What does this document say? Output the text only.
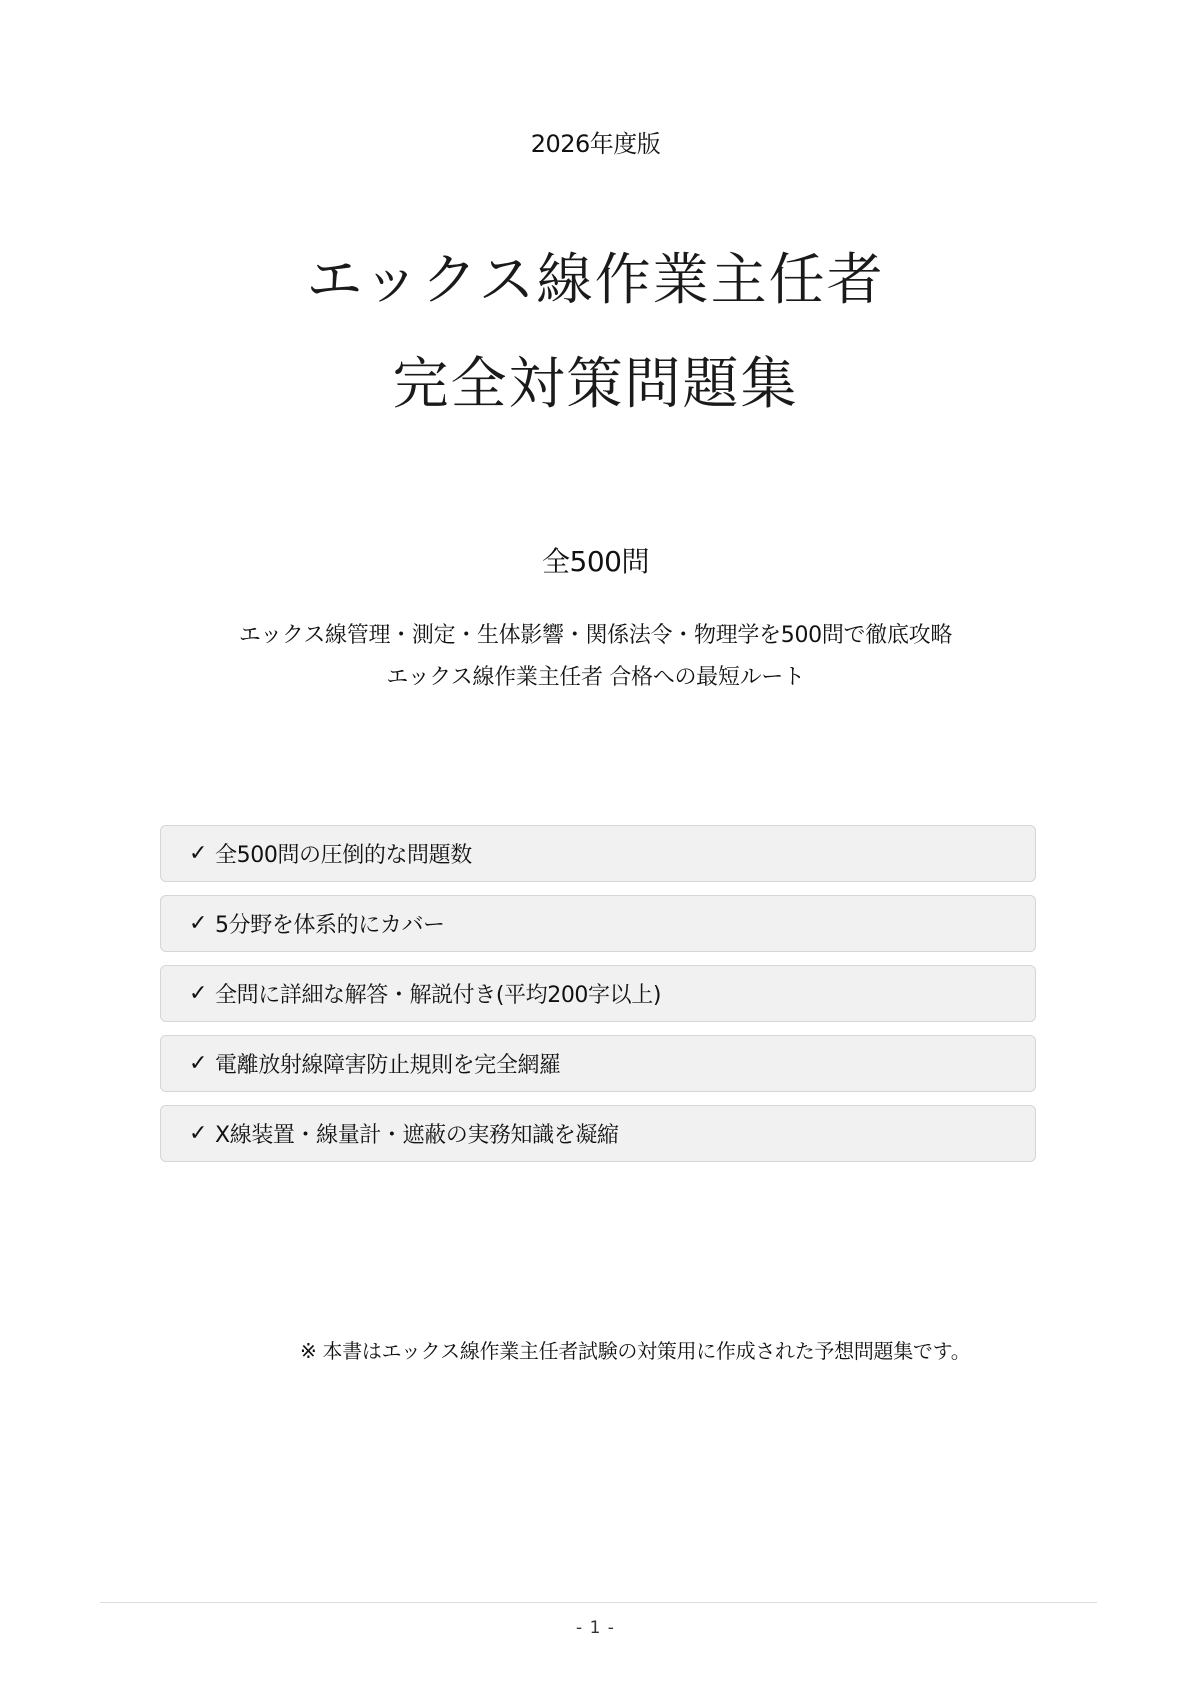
2026年度版
エックス線作業主任者
完全対策問題集
全500問
エックス線管理・測定・生体影響・関係法令・物理学を500問で徹底攻略
エックス線作業主任者 合格への最短ルート
✓ 全500問の圧倒的な問題数
✓ 5分野を体系的にカバー
✓ 全問に詳細な解答・解説付き(平均200字以上)
✓ 電離放射線障害防止規則を完全網羅
✓ X線装置・線量計・遮蔽の実務知識を凝縮
※ 本書はエックス線作業主任者試験の対策用に作成された予想問題集です。
- 1 -
